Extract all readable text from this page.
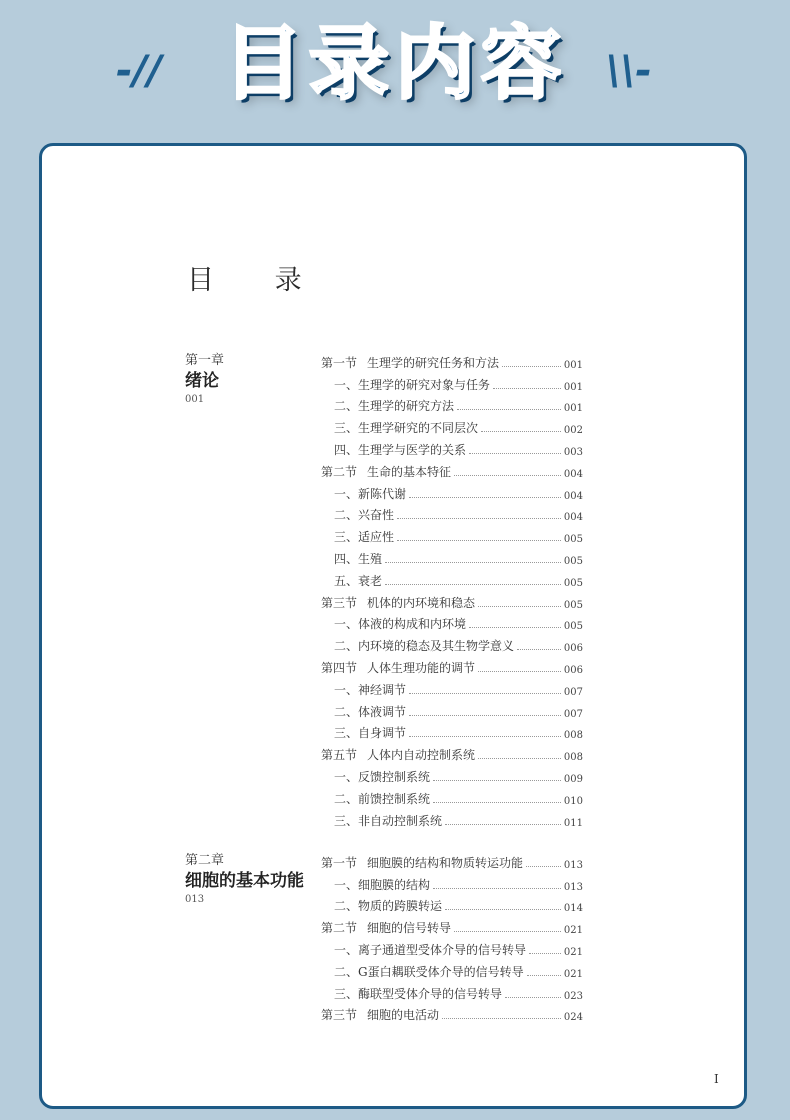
-// 目录内容 \\-
目 录
第一章
绪论
001
第一节 生理学的研究任务和方法	001
一、生理学的研究对象与任务	001
二、生理学的研究方法	001
三、生理学研究的不同层次	002
四、生理学与医学的关系	003
第二节 生命的基本特征	004
一、新陈代谢	004
二、兴奋性	004
三、适应性	005
四、生殖	005
五、衰老	005
第三节 机体的内环境和稳态	005
一、体液的构成和内环境	005
二、内环境的稳态及其生物学意义	006
第四节 人体生理功能的调节	006
一、神经调节	007
二、体液调节	007
三、自身调节	008
第五节 人体内自动控制系统	008
一、反馈控制系统	009
二、前馈控制系统	010
三、非自动控制系统	011
第二章
细胞的基本功能
013
第一节 细胞膜的结构和物质转运功能	013
一、细胞膜的结构	013
二、物质的跨膜转运	014
第二节 细胞的信号转导	021
一、离子通道型受体介导的信号转导	021
二、G蛋白耦联受体介导的信号转导	021
三、酶联型受体介导的信号转导	023
第三节 细胞的电活动	024
I
